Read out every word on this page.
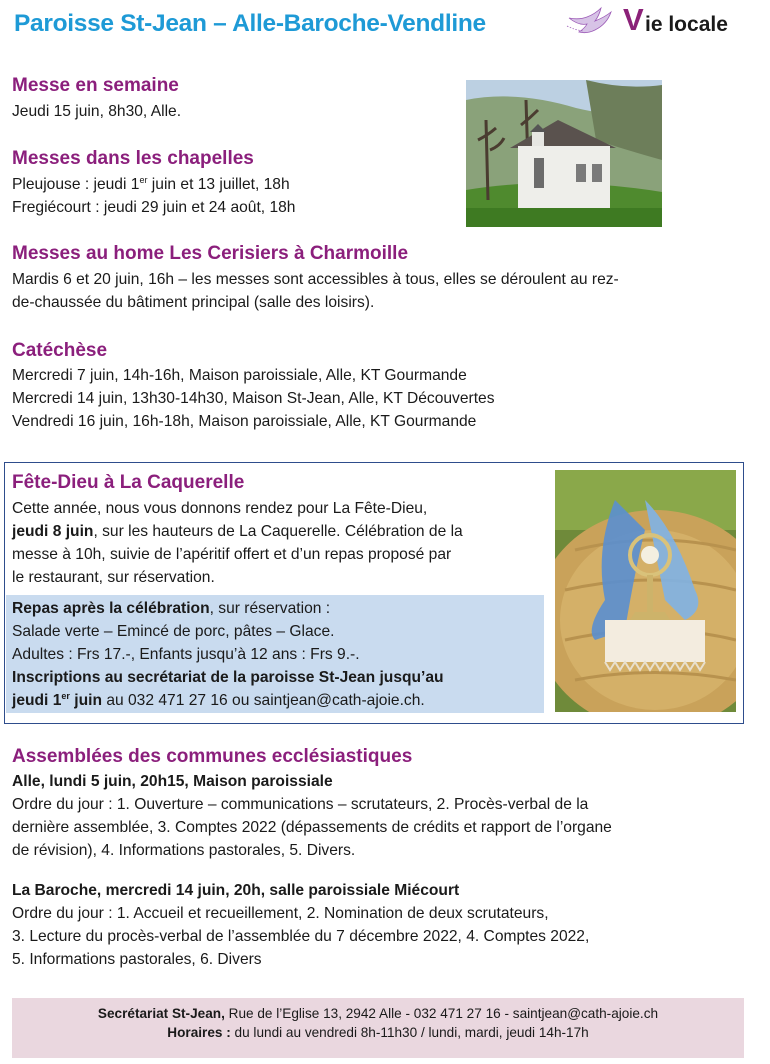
Paroisse St-Jean – Alle-Baroche-Vendline	V ie locale
Messe en semaine

Jeudi 15 juin, 8h30, Alle.

Messes dans les chapelles

Pleujouse : jeudi 1er juin et 13 juillet, 18h
Fregiécourt : jeudi 29 juin et 24 août, 18h

Messes au home Les Cerisiers à Charmoille

Mardis 6 et 20 juin, 16h – les messes sont accessibles à tous, elles se déroulent au rez-
de-chaussée du bâtiment principal (salle des loisirs).

Catéchèse

Mercredi 7 juin, 14h-16h, Maison paroissiale, Alle, KT Gourmande
Mercredi 14 juin, 13h30-14h30, Maison St-Jean, Alle, KT Découvertes
Vendredi 16 juin, 16h-18h, Maison paroissiale, Alle, KT Gourmande

Fête-Dieu à La Caquerelle

Cette année, nous vous donnons rendez pour La Fête-Dieu,
jeudi 8 juin, sur les hauteurs de La Caquerelle. Célébration de la
messe à 10h, suivie de l’apéritif offert et d’un repas proposé par
le restaurant, sur réservation.

Repas après la célébration, sur réservation :
Salade verte – Emincé de porc, pâtes – Glace.
Adultes : Frs 17.-, Enfants jusqu’à 12 ans : Frs 9.-.
Inscriptions au secrétariat de la paroisse St-Jean jusqu’au
jeudi 1er juin au 032 471 27 16 ou saintjean@cath-ajoie.ch.

Assemblées des communes ecclésiastiques

Alle, lundi 5 juin, 20h15, Maison paroissiale
Ordre du jour : 1. Ouverture – communications – scrutateurs, 2. Procès-verbal de la
dernière assemblée, 3. Comptes 2022 (dépassements de crédits et rapport de l’organe
de révision), 4. Informations pastorales, 5. Divers.

La Baroche, mercredi 14 juin, 20h, salle paroissiale Miécourt
Ordre du jour : 1. Accueil et recueillement, 2. Nomination de deux scrutateurs,
3. Lecture du procès-verbal de l’assemblée du 7 décembre 2022, 4. Comptes 2022,
5. Informations pastorales, 6. Divers

Secrétariat St-Jean, Rue de l’Eglise 13, 2942 Alle - 032 471 27 16 - saintjean@cath-ajoie.ch
Horaires : du lundi au vendredi 8h-11h30 / lundi, mardi, jeudi 14h-17h
